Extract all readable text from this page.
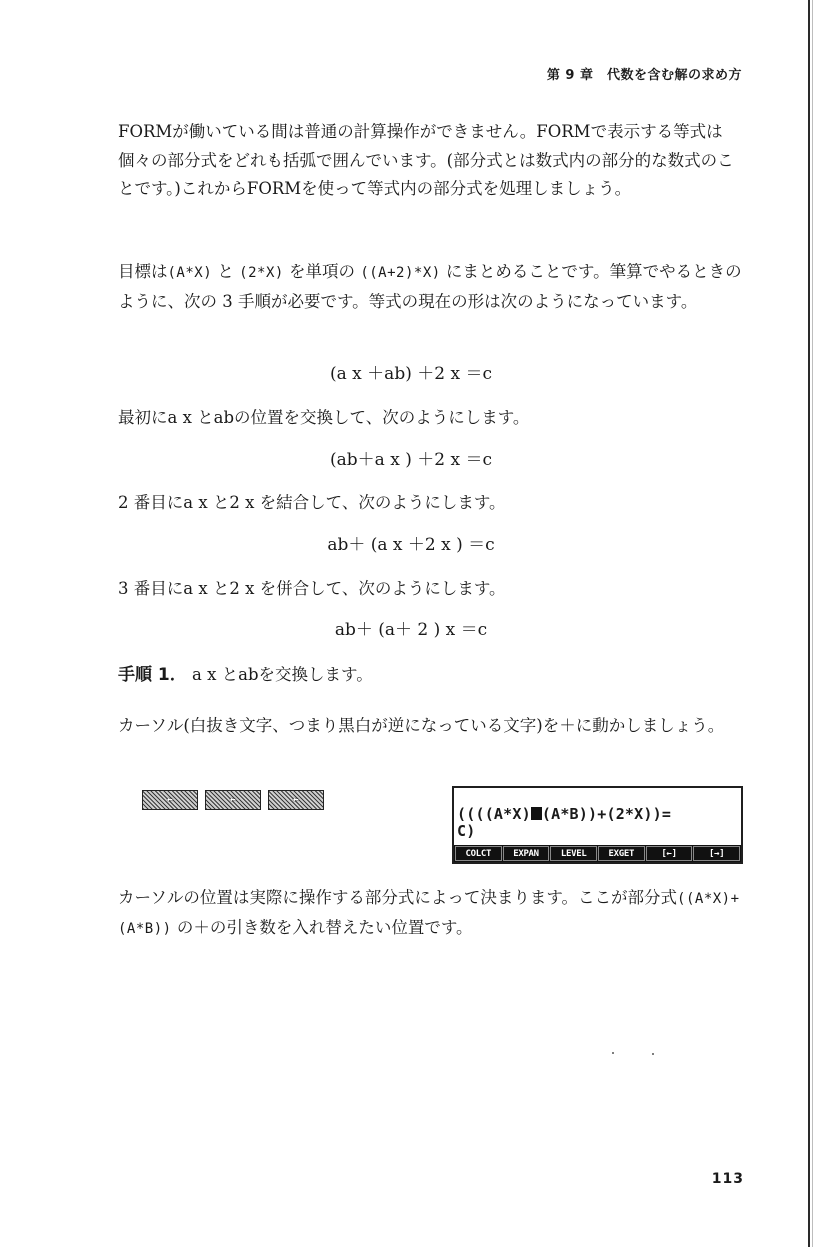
第 9 章　代数を含む解の求め方
FORMが働いている間は普通の計算操作ができません。FORMで表示する等式は個々の部分式をどれも括弧で囲んでいます。(部分式とは数式内の部分的な数式のことです。)これからFORMを使って等式内の部分式を処理しましょう。
目標は(A*X) と (2*X) を単項の ((A+2)*X) にまとめることです。筆算でやるときのように、次の 3 手順が必要です。等式の現在の形は次のようになっています。
(a x ＋ab) ＋2 x ＝c
最初にa x とabの位置を交換して、次のようにします。
(ab＋a x ) ＋2 x ＝c
2 番目にa x と2 x を結合して、次のようにします。
ab＋ (a x ＋2 x ) ＝c
3 番目にa x と2 x を併合して、次のようにします。
ab＋ (a＋ 2 ) x ＝c
手順 1． a x とabを交換します。
カーソル(白抜き文字、つまり黒白が逆になっている文字)を＋に動かしましょう。
←	←	←
((((A*X) (A*B))+(2*X))=
C)
COLCT	EXPAN	LEVEL	EXGET	[←]	[→]
カーソルの位置は実際に操作する部分式によって決まります。ここが部分式((A*X)+(A*B)) の＋の引き数を入れ替えたい位置です。
113
